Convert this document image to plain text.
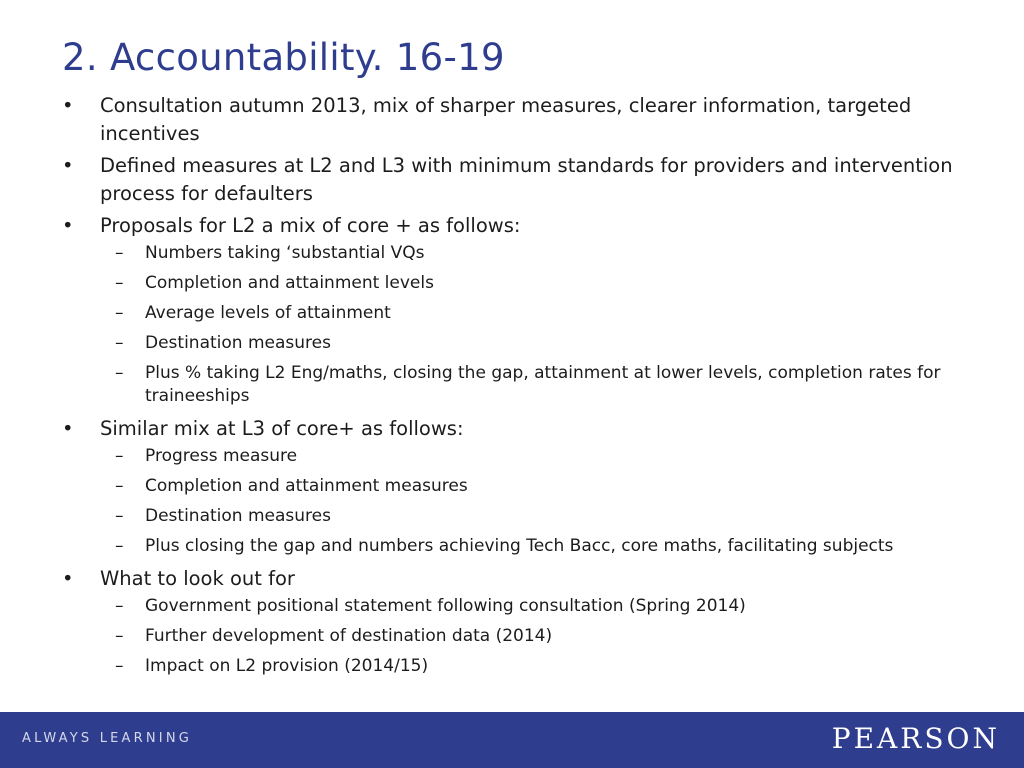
2. Accountability. 16-19
•	Consultation autumn 2013, mix of sharper measures, clearer information, targeted incentives
•	Defined measures at L2 and L3 with minimum standards for providers and intervention process for defaulters
•	Proposals for L2 a mix of core + as follows:
– Numbers taking ‘substantial VQs
– Completion and attainment levels
– Average levels of attainment
– Destination measures
– Plus % taking L2 Eng/maths, closing the gap, attainment at lower levels, completion rates for traineeships
•	Similar mix at L3 of core+ as follows:
– Progress measure
– Completion and attainment measures
– Destination measures
– Plus closing the gap and numbers achieving Tech Bacc, core maths, facilitating subjects
•	What to look out for
– Government positional statement following consultation (Spring 2014)
– Further development of destination data (2014)
– Impact on L2 provision (2014/15)
ALWAYS LEARNING	PEARSON
